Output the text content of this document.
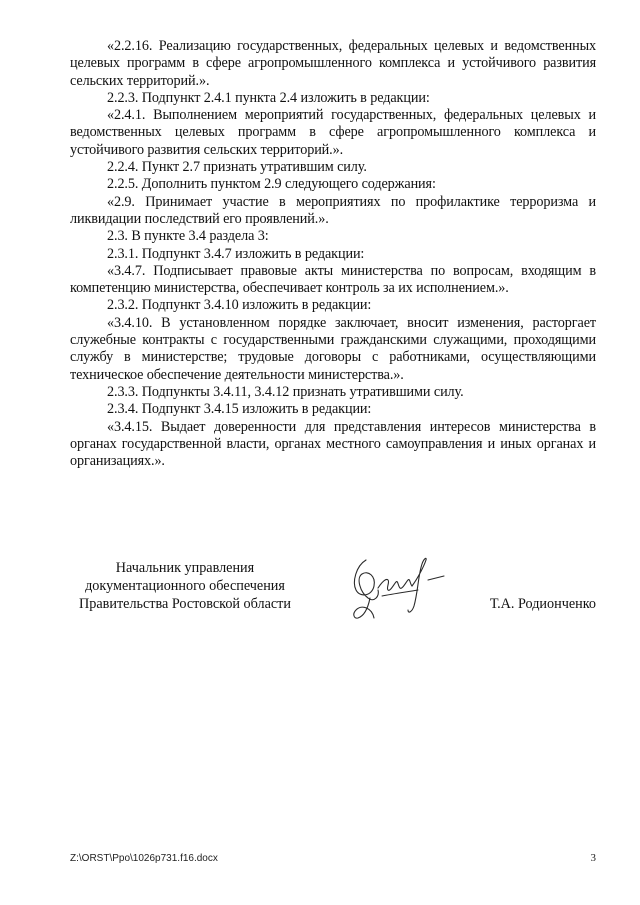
«2.2.16. Реализацию государственных, федеральных целевых и ведомственных целевых программ в сфере агропромышленного комплекса и устойчивого развития сельских территорий.».

2.2.3. Подпункт 2.4.1 пункта 2.4 изложить в редакции:

«2.4.1. Выполнением мероприятий государственных, федеральных целевых и ведомственных целевых программ в сфере агропромышленного комплекса и устойчивого развития сельских территорий.».

2.2.4. Пункт 2.7 признать утратившим силу.

2.2.5. Дополнить пунктом 2.9 следующего содержания:

«2.9. Принимает участие в мероприятиях по профилактике терроризма и ликвидации последствий его проявлений.».

2.3. В пункте 3.4 раздела 3:

2.3.1. Подпункт 3.4.7 изложить в редакции:

«3.4.7. Подписывает правовые акты министерства по вопросам, входящим в компетенцию министерства, обеспечивает контроль за их исполнением.».

2.3.2. Подпункт 3.4.10 изложить в редакции:

«3.4.10. В установленном порядке заключает, вносит изменения, расторгает служебные контракты с государственными гражданскими служащими, проходящими службу в министерстве; трудовые договоры с работниками, осуществляющими техническое обеспечение деятельности министерства.».

2.3.3. Подпункты 3.4.11, 3.4.12 признать утратившими силу.

2.3.4. Подпункт 3.4.15 изложить в редакции:

«3.4.15. Выдает доверенности для представления интересов министерства в органах государственной власти, органах местного самоуправления и иных органах и организациях.».

Начальник управления
документационного обеспечения
Правительства Ростовской области	Т.А. Родионченко
Z:\ORST\Ppo\1026p731.f16.docx	3
